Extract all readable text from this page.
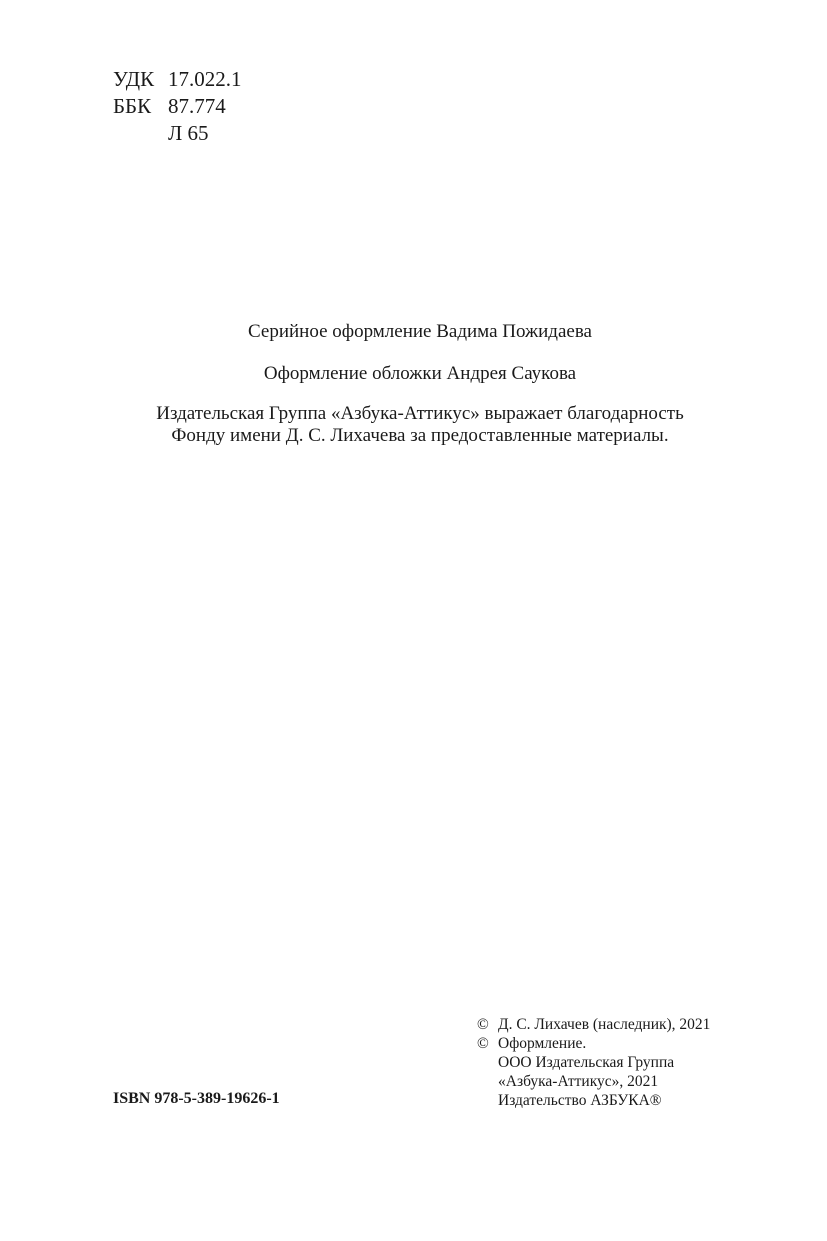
УДК 17.022.1
ББК 87.774
Л 65
Серийное оформление Вадима Пожидаева
Оформление обложки Андрея Саукова
Издательская Группа «Азбука-Аттикус» выражает благодарность
Фонду имени Д. С. Лихачева за предоставленные материалы.
ISBN 978-5-389-19626-1
© Д. С. Лихачев (наследник), 2021
© Оформление.
ООО Издательская Группа
«Азбука-Аттикус», 2021
Издательство АЗБУКА®
